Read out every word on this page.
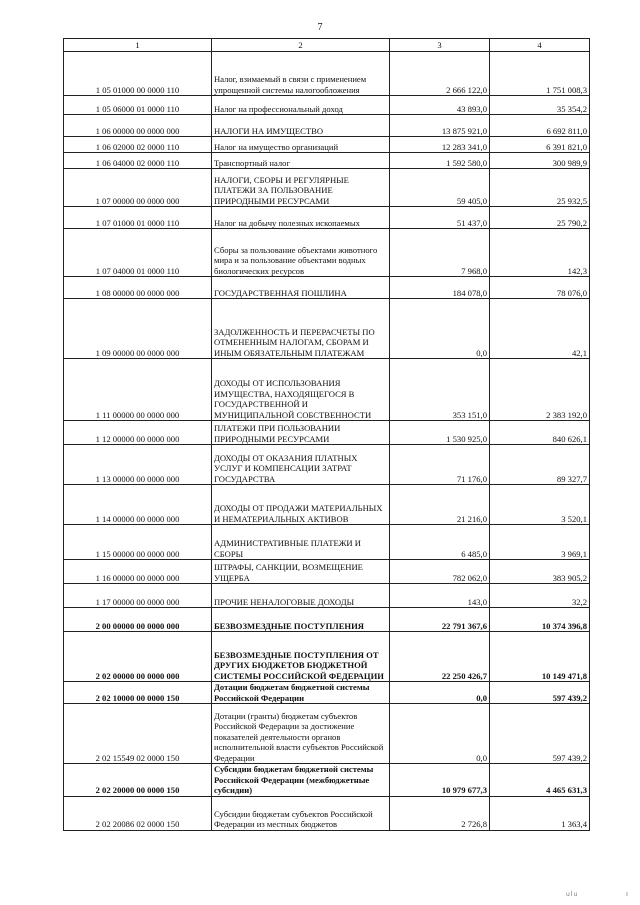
7
1	2	3	4
1 05 01000 00 0000 110	Налог, взимаемый в связи с применением упрощенной системы налогообложения	2 666 122,0	1 751 008,3
1 05 06000 01 0000 110	Налог на профессиональный доход	43 893,0	35 354,2
1 06 00000 00 0000 000	НАЛОГИ НА ИМУЩЕСТВО	13 875 921,0	6 692 811,0
1 06 02000 02 0000 110	Налог на имущество организаций	12 283 341,0	6 391 821,0
1 06 04000 02 0000 110	Транспортный налог	1 592 580,0	300 989,9
1 07 00000 00 0000 000	НАЛОГИ, СБОРЫ И РЕГУЛЯРНЫЕ ПЛАТЕЖИ ЗА ПОЛЬЗОВАНИЕ ПРИРОДНЫМИ РЕСУРСАМИ	59 405,0	25 932,5
1 07 01000 01 0000 110	Налог на добычу полезных ископаемых	51 437,0	25 790,2
1 07 04000 01 0000 110	Сборы за пользование объектами животного мира и за пользование объектами водных биологических ресурсов	7 968,0	142,3
1 08 00000 00 0000 000	ГОСУДАРСТВЕННАЯ ПОШЛИНА	184 078,0	78 076,0
1 09 00000 00 0000 000	ЗАДОЛЖЕННОСТЬ И ПЕРЕРАСЧЕТЫ ПО ОТМЕНЕННЫМ НАЛОГАМ, СБОРАМ И ИНЫМ ОБЯЗАТЕЛЬНЫМ ПЛАТЕЖАМ	0,0	42,1
1 11 00000 00 0000 000	ДОХОДЫ ОТ ИСПОЛЬЗОВАНИЯ ИМУЩЕСТВА, НАХОДЯЩЕГОСЯ В ГОСУДАРСТВЕННОЙ И МУНИЦИПАЛЬНОЙ СОБСТВЕННОСТИ	353 151,0	2 383 192,0
1 12 00000 00 0000 000	ПЛАТЕЖИ ПРИ ПОЛЬЗОВАНИИ ПРИРОДНЫМИ РЕСУРСАМИ	1 530 925,0	840 626,1
1 13 00000 00 0000 000	ДОХОДЫ ОТ ОКАЗАНИЯ ПЛАТНЫХ УСЛУГ И КОМПЕНСАЦИИ ЗАТРАТ ГОСУДАРСТВА	71 176,0	89 327,7
1 14 00000 00 0000 000	ДОХОДЫ ОТ ПРОДАЖИ МАТЕРИАЛЬНЫХ И НЕМАТЕРИАЛЬНЫХ АКТИВОВ	21 216,0	3 520,1
1 15 00000 00 0000 000	АДМИНИСТРАТИВНЫЕ ПЛАТЕЖИ И СБОРЫ	6 485,0	3 969,1
1 16 00000 00 0000 000	ШТРАФЫ, САНКЦИИ, ВОЗМЕЩЕНИЕ УЩЕРБА	782 062,0	383 905,2
1 17 00000 00 0000 000	ПРОЧИЕ НЕНАЛОГОВЫЕ ДОХОДЫ	143,0	32,2
2 00 00000 00 0000 000	БЕЗВОЗМЕЗДНЫЕ ПОСТУПЛЕНИЯ	22 791 367,6	10 374 396,8
2 02 00000 00 0000 000	БЕЗВОЗМЕЗДНЫЕ ПОСТУПЛЕНИЯ ОТ ДРУГИХ БЮДЖЕТОВ БЮДЖЕТНОЙ СИСТЕМЫ РОССИЙСКОЙ ФЕДЕРАЦИИ	22 250 426,7	10 149 471,8
2 02 10000 00 0000 150	Дотации бюджетам бюджетной системы Российской Федерации	0,0	597 439,2
2 02 15549 02 0000 150	Дотации (гранты) бюджетам субъектов Российской Федерации за достижение показателей деятельности органов исполнительной власти субъектов Российской Федерации	0,0	597 439,2
2 02 20000 00 0000 150	Субсидии бюджетам бюджетной системы Российской Федерации (межбюджетные субсидии)	10 979 677,3	4 465 631,3
2 02 20086 02 0000 150	Субсидии бюджетам субъектов Российской Федерации из местных бюджетов	2 726,8	1 363,4
ulu	ı
